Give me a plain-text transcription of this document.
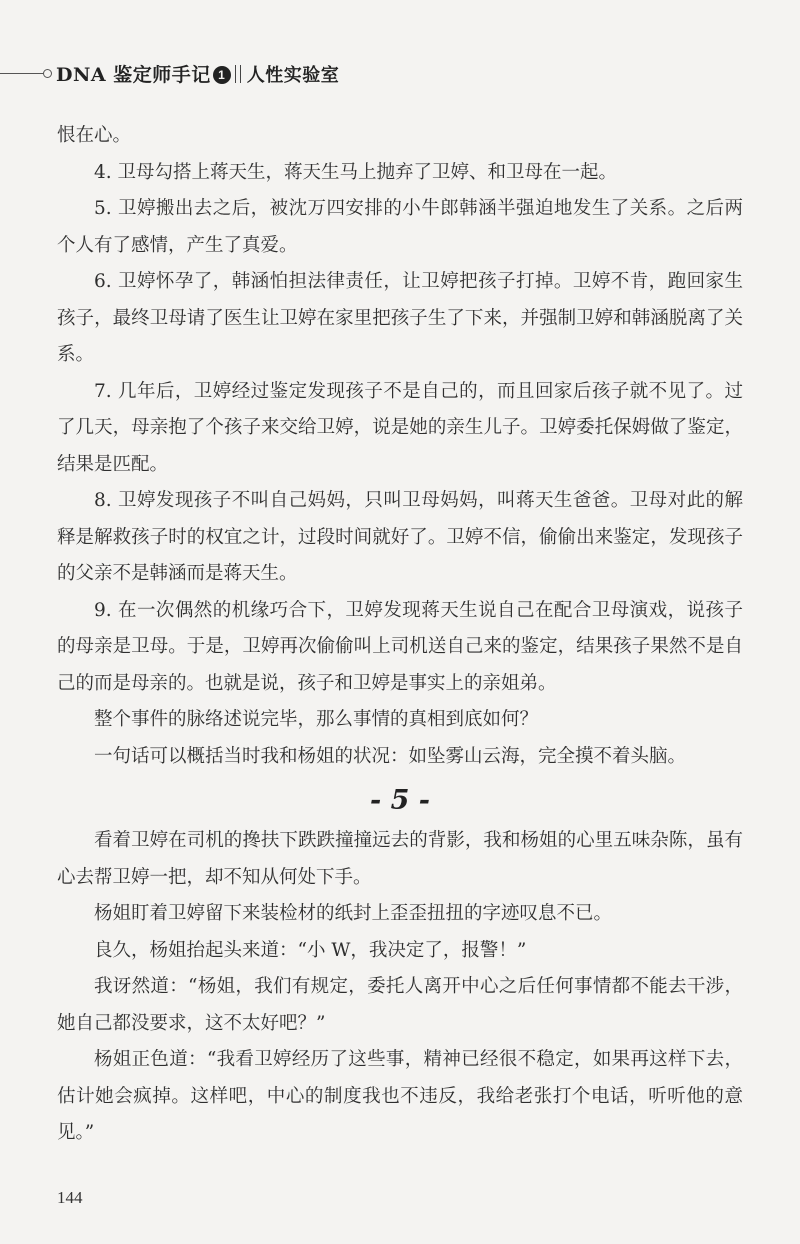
DNA 鉴定师手记 1 人性实验室

恨在心。

4. 卫母勾搭上蒋天生，蒋天生马上抛弃了卫婷、和卫母在一起。

5. 卫婷搬出去之后，被沈万四安排的小牛郎韩涵半强迫地发生了关系。之后两个人有了感情，产生了真爱。

6. 卫婷怀孕了，韩涵怕担法律责任，让卫婷把孩子打掉。卫婷不肯，跑回家生孩子，最终卫母请了医生让卫婷在家里把孩子生了下来，并强制卫婷和韩涵脱离了关系。

7. 几年后，卫婷经过鉴定发现孩子不是自己的，而且回家后孩子就不见了。过了几天，母亲抱了个孩子来交给卫婷，说是她的亲生儿子。卫婷委托保姆做了鉴定，结果是匹配。

8. 卫婷发现孩子不叫自己妈妈，只叫卫母妈妈，叫蒋天生爸爸。卫母对此的解释是解救孩子时的权宜之计，过段时间就好了。卫婷不信，偷偷出来鉴定，发现孩子的父亲不是韩涵而是蒋天生。

9. 在一次偶然的机缘巧合下，卫婷发现蒋天生说自己在配合卫母演戏，说孩子的母亲是卫母。于是，卫婷再次偷偷叫上司机送自己来的鉴定，结果孩子果然不是自己的而是母亲的。也就是说，孩子和卫婷是事实上的亲姐弟。

整个事件的脉络述说完毕，那么事情的真相到底如何？

一句话可以概括当时我和杨姐的状况：如坠雾山云海，完全摸不着头脑。

- 5 -

看着卫婷在司机的搀扶下跌跌撞撞远去的背影，我和杨姐的心里五味杂陈，虽有心去帮卫婷一把，却不知从何处下手。

杨姐盯着卫婷留下来装检材的纸封上歪歪扭扭的字迹叹息不已。

良久，杨姐抬起头来道：“小 W，我决定了，报警！”

我讶然道：“杨姐，我们有规定，委托人离开中心之后任何事情都不能去干涉，她自己都没要求，这不太好吧？”

杨姐正色道：“我看卫婷经历了这些事，精神已经很不稳定，如果再这样下去，估计她会疯掉。这样吧，中心的制度我也不违反，我给老张打个电话，听听他的意见。”

144
